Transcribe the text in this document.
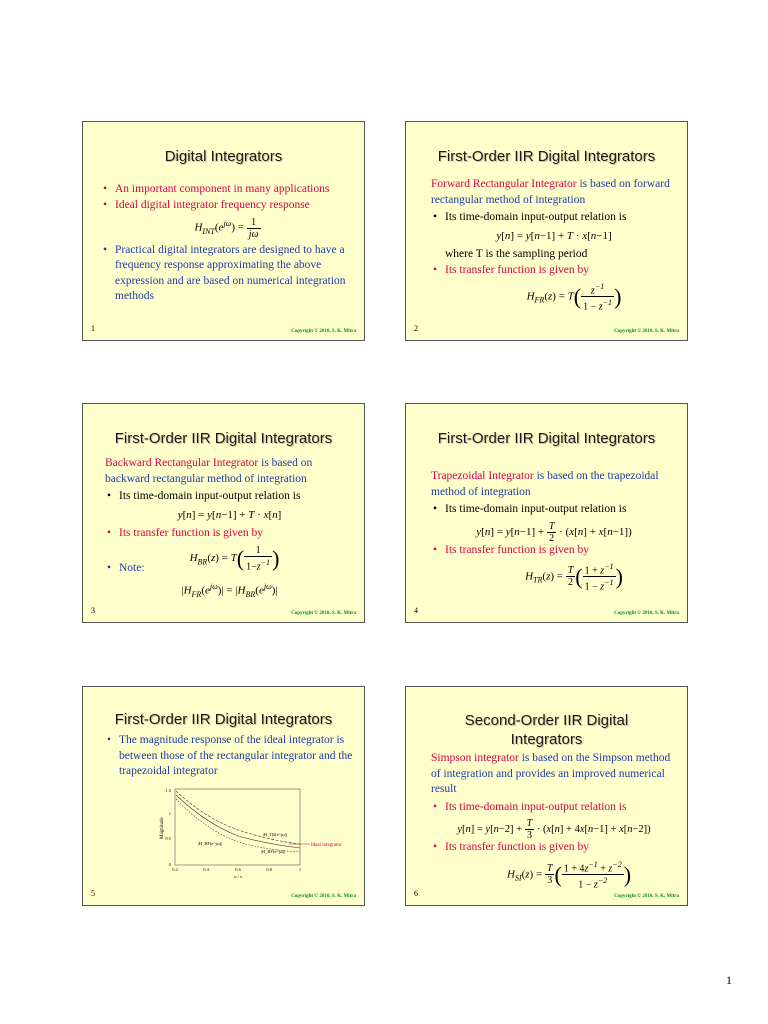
Digital Integrators
• An important component in many applications
• Ideal digital integrator frequency response
$H_{INT}(e^{j\omega}) = \frac{1}{j\omega}$
• Practical digital integrators are designed to have a frequency response approximating the above expression and are based on numerical integration methods
1	Copyright © 2010, S. K. Mitra
First-Order IIR Digital Integrators
Forward Rectangular Integrator is based on forward rectangular method of integration
• Its time-domain input-output relation is
y[n] = y[n−1] + T · x[n−1]
where T is the sampling period
• Its transfer function is given by
$H_{FR}(z) = T( \frac{z^{-1}}{1 - z^{-1}}$ )
2	Copyright © 2010, S. K. Mitra
First-Order IIR Digital Integrators
Backward Rectangular Integrator is based on backward rectangular method of integration
• Its time-domain input-output relation is
y[n] = y[n−1] + T · x[n]
• Its transfer function is given by
$H_{BR}(z) = T( \frac{1}{1-z^{-1}}$ )
• Note:
$|H_{FR}(e^{j\omega})| = |H_{BR}(e^{j\omega})|$
3	Copyright © 2010, S. K. Mitra
First-Order IIR Digital Integrators
Trapezoidal Integrator is based on the trapezoidal method of integration
• Its time-domain input-output relation is
$y[n] = y[n-1] + \frac{T}{2} \cdot (x[n] + x[n-1])$
• Its transfer function is given by
$H_{TR}(z) = \frac{T}{2}$ ( $\frac{1 + z^{-1}}{1 - z^{-1}}$ )
4	Copyright © 2010, S. K. Mitra
First-Order IIR Digital Integrators
• The magnitude response of the ideal integrator is between those of the rectangular integrator and the trapezoidal integrator
1.5
1
0.5
0
Magnitude
0.2	0.4	0.6	0.8	1
ω / π
|H_TR(e^jω)|
|H_BF(e^jω)|
|H_RF(e^jω)|
Ideal integrator
5	Copyright © 2010, S. K. Mitra
Second-Order IIR Digital
Integrators
Simpson integrator is based on the Simpson method of integration and provides an improved numerical result
• Its time-domain input-output relation is
$y[n] = y[n-2] + \frac{T}{3} \cdot (x[n] + 4x[n-1] + x[n-2])$
• Its transfer function is given by
$H_{SI}(z) = \frac{T}{3}$ ( $\frac{1 + 4z^{-1} + z^{-2}}{1 - z^{-2}}$ )
6	Copyright © 2010, S. K. Mitra
1
